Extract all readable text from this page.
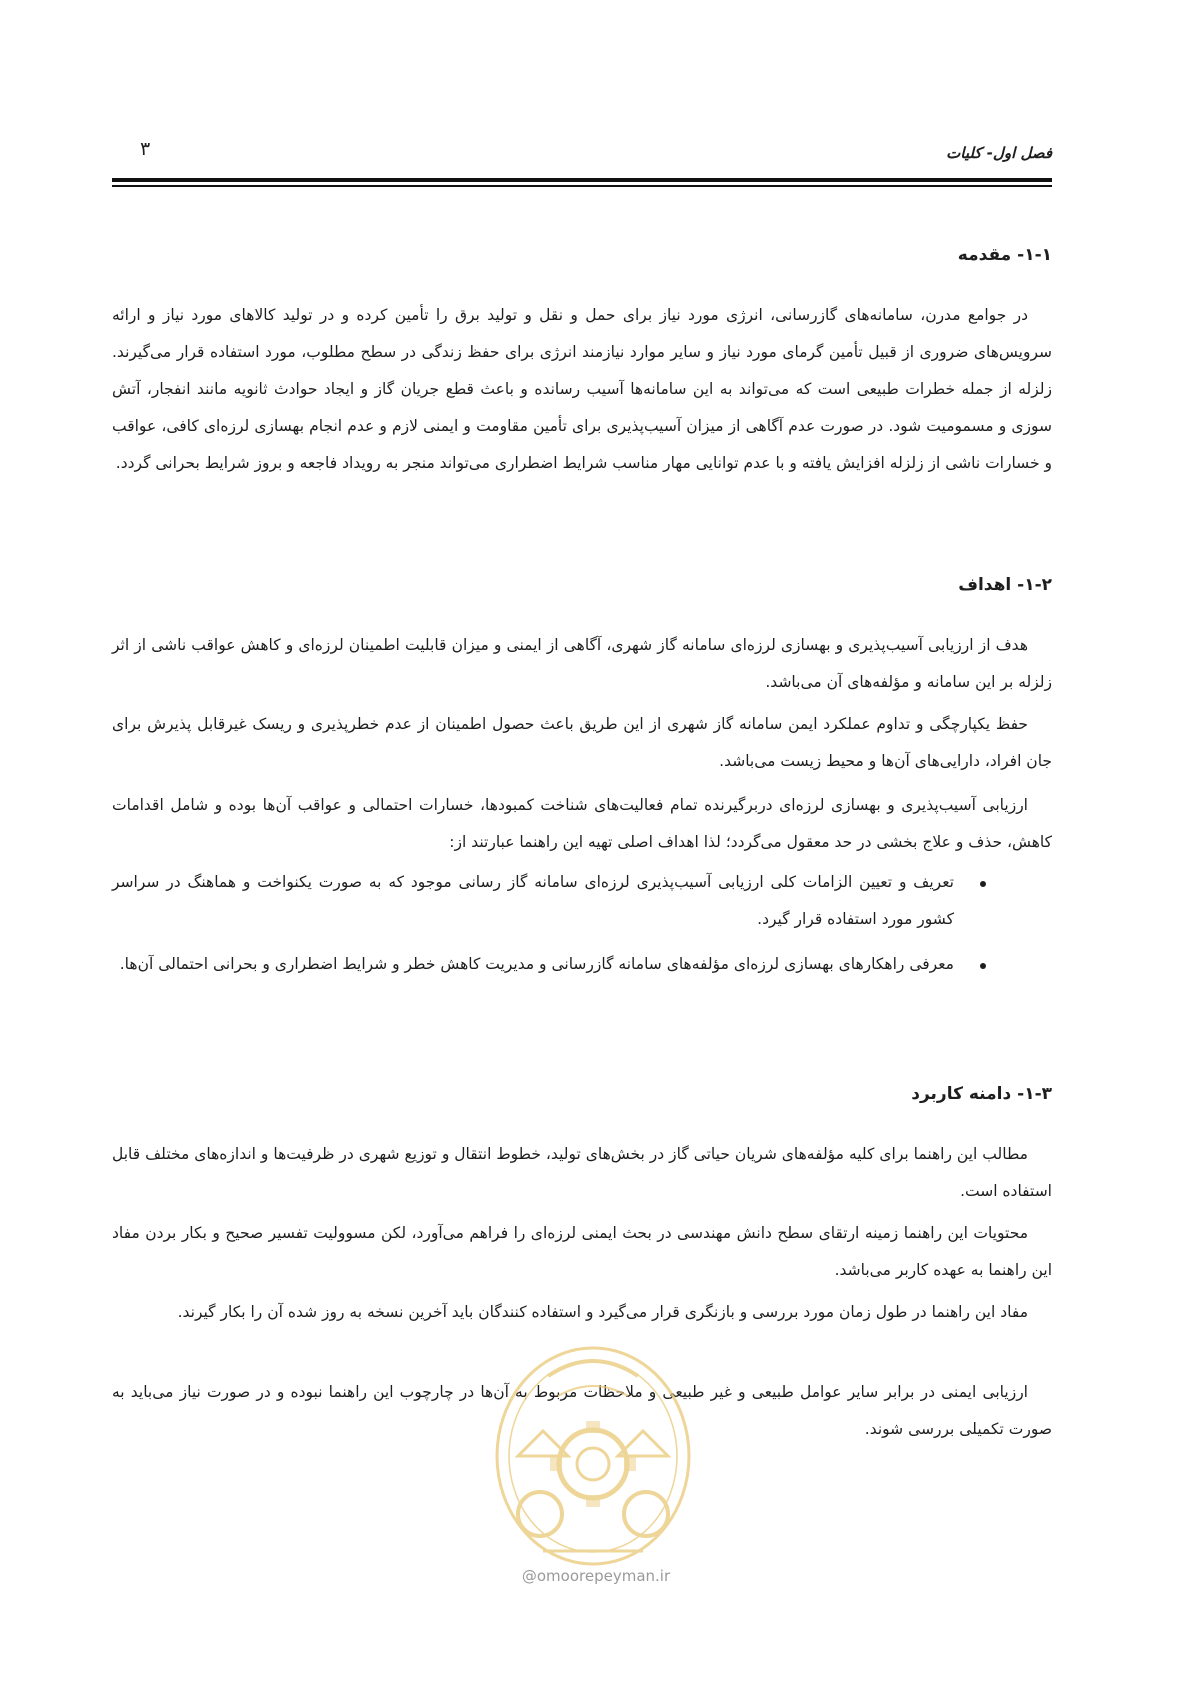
فصل اول- کلیات
۳
۱-۱- مقدمه

در جوامع مدرن، سامانه‌های گازرسانی، انرژی مورد نیاز برای حمل و نقل و تولید برق را تأمین کرده و در تولید کالاهای مورد نیاز و ارائه سرویس‌های ضروری از قبیل تأمین گرمای مورد نیاز و سایر موارد نیازمند انرژی برای حفظ زندگی در سطح مطلوب، مورد استفاده قرار می‌گیرند. زلزله از جمله خطرات طبیعی است که می‌تواند به این سامانه‌ها آسیب رسانده و باعث قطع جریان گاز و ایجاد حوادث ثانویه مانند انفجار، آتش سوزی و مسمومیت شود. در صورت عدم آگاهی از میزان آسیب‌پذیری برای تأمین مقاومت و ایمنی لازم و عدم انجام بهسازی لرزه‌ای کافی، عواقب و خسارات ناشی از زلزله افزایش یافته و با عدم توانایی مهار مناسب شرایط اضطراری می‌تواند منجر به رویداد فاجعه و بروز شرایط بحرانی گردد.

۱-۲- اهداف

هدف از ارزیابی آسیب‌پذیری و بهسازی لرزه‌ای سامانه گاز شهری، آگاهی از ایمنی و میزان قابلیت اطمینان لرزه‌ای و کاهش عواقب ناشی از اثر زلزله بر این سامانه و مؤلفه‌های آن می‌باشد.

حفظ یکپارچگی و تداوم عملکرد ایمن سامانه گاز شهری از این طریق باعث حصول اطمینان از عدم خطرپذیری و ریسک غیرقابل پذیرش برای جان افراد، دارایی‌های آن‌ها و محیط زیست می‌باشد.

ارزیابی آسیب‌پذیری و بهسازی لرزه‌ای دربرگیرنده تمام فعالیت‌های شناخت کمبودها، خسارات احتمالی و عواقب آن‌ها بوده و شامل اقدامات کاهش، حذف و علاج بخشی در حد معقول می‌گردد؛ لذا اهداف اصلی تهیه این راهنما عبارتند از:

تعریف و تعیین الزامات کلی ارزیابی آسیب‌پذیری لرزه‌ای سامانه گاز رسانی موجود که به صورت یکنواخت و هماهنگ در سراسر کشور مورد استفاده قرار گیرد.
معرفی راهکارهای بهسازی لرزه‌ای مؤلفه‌های سامانه گازرسانی و مدیریت کاهش خطر و شرایط اضطراری و بحرانی احتمالی آن‌ها.
۱-۳- دامنه کاربرد

مطالب این راهنما برای کلیه مؤلفه‌های شریان حیاتی گاز در بخش‌های تولید، خطوط انتقال و توزیع شهری در ظرفیت‌ها و اندازه‌های مختلف قابل استفاده است.

محتویات این راهنما زمینه ارتقای سطح دانش مهندسی در بحث ایمنی لرزه‌ای را فراهم می‌آورد، لکن مسوولیت تفسیر صحیح و بکار بردن مفاد این راهنما به عهده کاربر می‌باشد.

مفاد این راهنما در طول زمان مورد بررسی و بازنگری قرار می‌گیرد و استفاده کنندگان باید آخرین نسخه به روز شده آن را بکار گیرند.

ارزیابی ایمنی در برابر سایر عوامل طبیعی و غیر طبیعی و ملاحظات مربوط به آن‌ها در چارچوب این راهنما نبوده و در صورت نیاز می‌باید به صورت تکمیلی بررسی شوند.

@omoorepeyman.ir
